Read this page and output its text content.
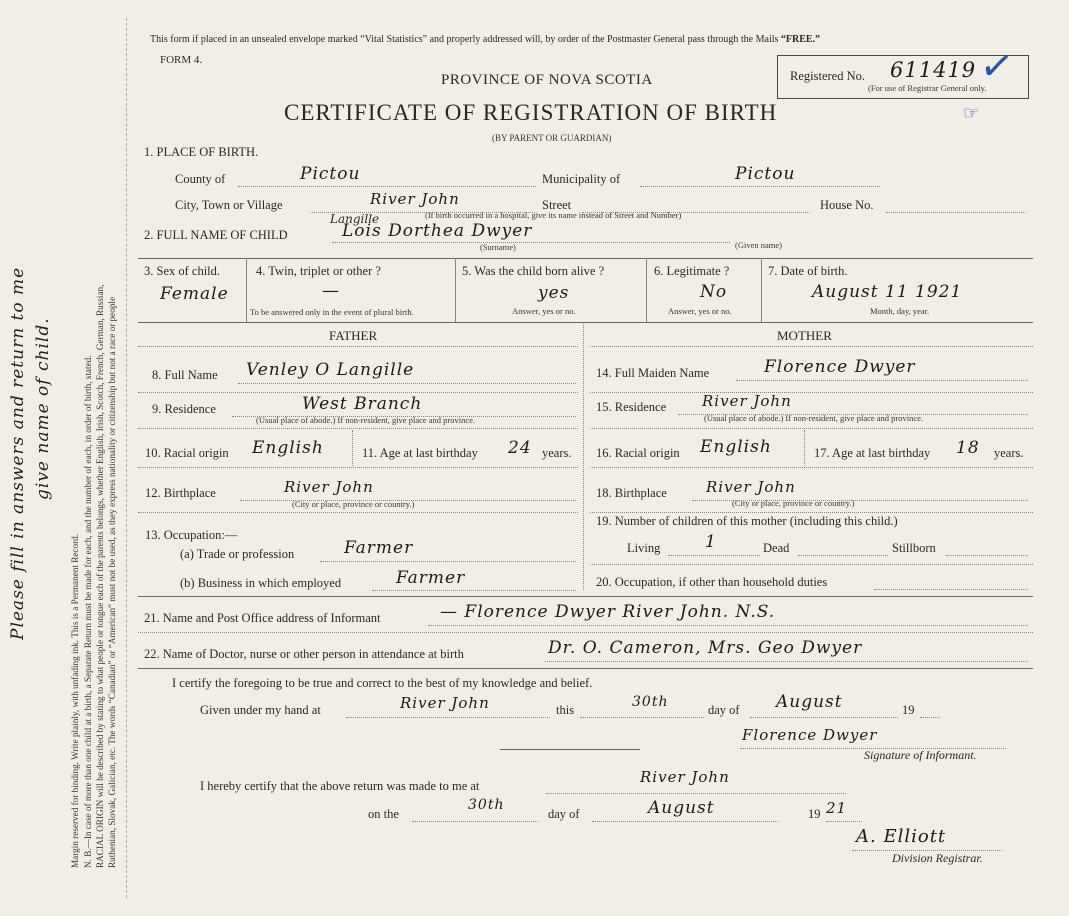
Margin reserved for binding. Write plainly, with unfading ink. This is a Permanent Record. N. B.—In case of more than one child at a birth, a Separate Return must be made for each, and the number of each, in order of birth, stated. RACIAL ORIGIN will be described by stating to what people or tongue each of the parents belongs, whether English, Irish, Scotch, French, German, Russian, Ruthenian, Slovak, Galician, etc. The words “Canadian” or “American” must not be used, as they express nationality or citizenship but not a race or people
Please fill in answers and return to me give name of child.
This form if placed in an unsealed envelope marked “Vital Statistics” and properly addressed will, by order of the Postmaster General pass through the Mails “FREE.”
FORM 4.
PROVINCE OF NOVA SCOTIA
CERTIFICATE OF REGISTRATION OF BIRTH
(BY PARENT OR GUARDIAN)
Registered No. 611419
(For use of Registrar General only.
✓
☞
1. PLACE OF BIRTH.
County of	Pictou	Municipality of	Pictou
City, Town or Village	River John	Street	House No.
(If birth occurred in a hospital, give its name instead of Street and Number)
2. FULL NAME OF CHILD
Langille
Lois Dorthea Dwyer
(Surname)	(Given name)
3. Sex of child.
Female
4. Twin, triplet or other ?
—
To be answered only in the event of plural birth.
5. Was the child born alive ?
yes
Answer, yes or no.
6. Legitimate ?
No
Answer, yes or no.
7. Date of birth.
August 11 1921
Month, day, year.
FATHER	MOTHER
8. Full Name Venley O Langille
9. Residence	West Branch
(Usual place of abode.) If non-resident, give place and province.
10. Racial origin English	11. Age at last birthday 24 years.
12. Birthplace	River John
(City or place, province or country.)
13. Occupation:—
(a) Trade or profession	Farmer
(b) Business in which employed	Farmer
14. Full Maiden Name	Florence Dwyer
15. Residence River John
(Usual place of abode.) If non-resident, give place and province.
16. Racial origin English	17. Age at last birthday 18 years.
18. Birthplace	River John
(City or place, province or country.)
19. Number of children of this mother (including this child.)
Living	1	Dead	Stillborn
20. Occupation, if other than household duties
21. Name and Post Office address of Informant	— Florence Dwyer River John. N.S.
22. Name of Doctor, nurse or other person in attendance at birth	Dr. O. Cameron, Mrs. Geo Dwyer
I certify the foregoing to be true and correct to the best of my knowledge and belief.
Given under my hand at	River John	this	30th	day of August	19
Florence Dwyer
Signature of Informant.
I hereby certify that the above return was made to me at	River John
on the
30th
day of	August	19 21
A. Elliott
Division Registrar.
